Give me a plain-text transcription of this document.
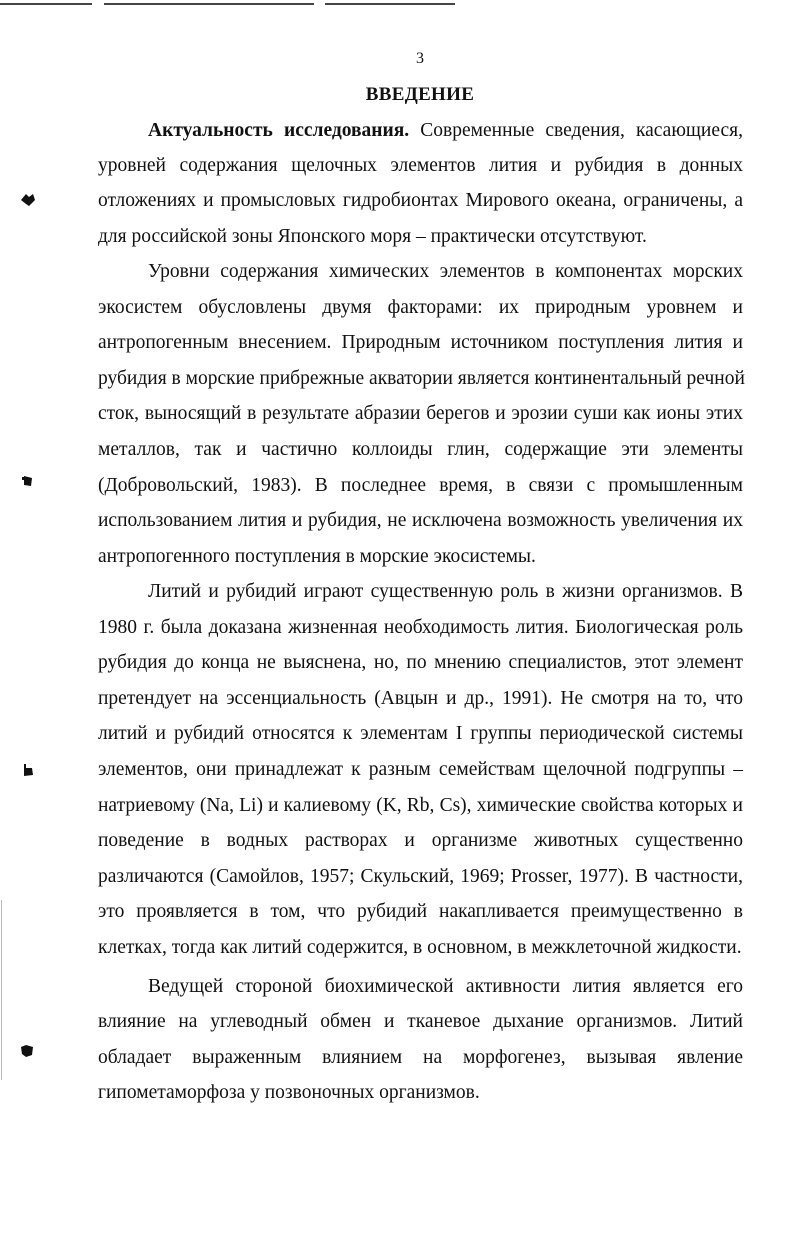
3
ВВЕДЕНИЕ
Актуальность исследования. Современные сведения, касающиеся,
уровней содержания щелочных элементов лития и рубидия в донных
отложениях и промысловых гидробионтах Мирового океана, ограничены, а
для российской зоны Японского моря – практически отсутствуют.
Уровни содержания химических элементов в компонентах морских
экосистем обусловлены двумя факторами: их природным уровнем и
антропогенным внесением. Природным источником поступления лития и
рубидия в морские прибрежные акватории является континентальный речной
сток, выносящий в результате абразии берегов и эрозии суши как ионы этих
металлов, так и частично коллоиды глин, содержащие эти элементы
(Добровольский, 1983). В последнее время, в связи с промышленным
использованием лития и рубидия, не исключена возможность увеличения их
антропогенного поступления в морские экосистемы.
Литий и рубидий играют существенную роль в жизни организмов. В
1980 г. была доказана жизненная необходимость лития. Биологическая роль
рубидия до конца не выяснена, но, по мнению специалистов, этот элемент
претендует на эссенциальность (Авцын и др., 1991). Не смотря на то, что
литий и рубидий относятся к элементам I группы периодической системы
элементов, они принадлежат к разным семействам щелочной подгруппы –
натриевому (Na, Li) и калиевому (K, Rb, Cs), химические свойства которых и
поведение в водных растворах и организме животных существенно
различаются (Самойлов, 1957; Скульский, 1969; Prosser, 1977). В частности,
это проявляется в том, что рубидий накапливается преимущественно в
клетках, тогда как литий содержится, в основном, в межклеточной жидкости.
Ведущей стороной биохимической активности лития является его
влияние на углеводный обмен и тканевое дыхание организмов. Литий
обладает выраженным влиянием на морфогенез, вызывая явление
гипометаморфоза у позвоночных организмов.
